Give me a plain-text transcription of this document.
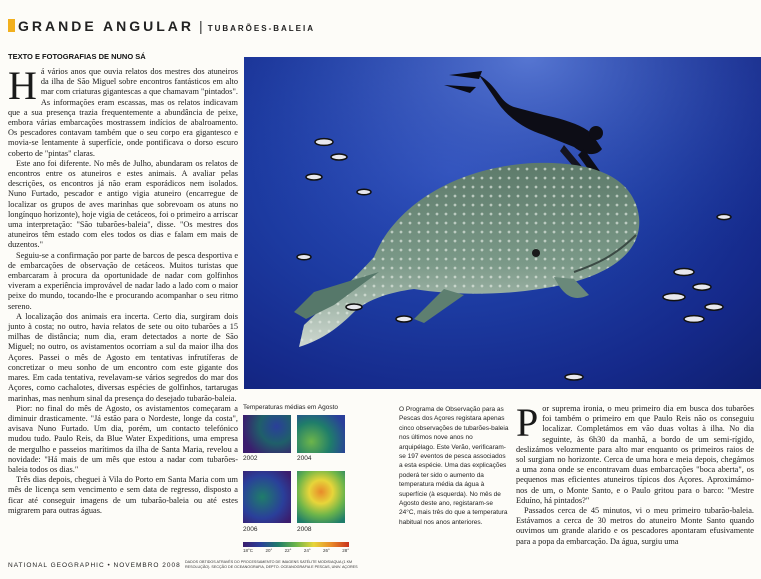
GRANDE ANGULAR | TUBARÕES-BALEIA
TEXTO E FOTOGRAFIAS DE NUNO SÁ

Há vários anos que ouvia relatos dos mestres dos atuneiros da ilha de São Miguel sobre encontros fantásticos em alto mar com criaturas gigantescas a que chamavam "pintados". As informações eram escassas, mas os relatos indicavam que a sua presença trazia frequentemente a abundância de peixe, embora várias embarcações mostrassem indícios de abalroamento. Os pescadores contavam também que o seu corpo era gigantesco e movia-se lentamente à superfície, onde pontificava o dorso escuro coberto de "pintas" claras.

Este ano foi diferente. No mês de Julho, abundaram os relatos de encontros entre os atuneiros e estes animais. A avaliar pelas descrições, os encontros já não eram esporádicos nem isolados. Nuno Furtado, pescador e antigo vigia atuneiro (encarregue de localizar os grupos de aves marinhas que sobrevoam os atuns no longínquo horizonte), hoje vigia de cetáceos, foi o primeiro a arriscar uma interpretação: "São tubarões-baleia", disse. "Os mestres dos atuneiros têm estado com eles todos os dias e falam em mais de duzentos."

Seguiu-se a confirmação por parte de barcos de pesca desportiva e de embarcações de observação de cetáceos. Muitos turistas que embarcaram à procura da oportunidade de nadar com golfinhos viveram a experiência improvável de nadar lado a lado com o maior peixe do mundo, tocando-lhe e procurando acompanhar o seu ritmo sereno.

A localização dos animais era incerta. Certo dia, surgiram dois junto à costa; no outro, havia relatos de sete ou oito tubarões a 15 milhas de distância; num dia, eram detectados a norte de São Miguel; no outro, os avistamentos ocorriam a sul da maior ilha dos Açores. Passei o mês de Agosto em tentativas infrutíferas de concretizar o meu sonho de um encontro com este gigante dos mares. Em cada tentativa, revelavam-se vários segredos do mar dos Açores, como cachalotes, diversas espécies de golfinhos, tartarugas marinhas, mas nenhum sinal da presença do desejado tubarão-baleia.

Pior: no final do mês de Agosto, os avistamentos começaram a diminuir drasticamente. "Já estão para o Nordeste, longe da costa", avisava Nuno Furtado. Um dia, porém, um contacto telefónico mudou tudo. Paulo Reis, da Blue Water Expeditions, uma empresa de mergulho e passeios marítimos da ilha de Santa Maria, revelou a novidade: "Há mais de um mês que estou a nadar com tubarões-baleia todos os dias."

Três dias depois, cheguei à Vila do Porto em Santa Maria com um mês de licença sem vencimento e sem data de regresso, disposto a ficar até conseguir imagens de um tubarão-baleia ou até estes migrarem para outras águas.

Temperaturas médias em Agosto
2002	2004
2006	2008
18°C	20°	22°	24°	26°	28°
O Programa de Observação para as Pescas dos Açores registara apenas cinco observações de tubarões-baleia nos últimos nove anos no arquipélago. Este Verão, verificaram-se 197 eventos de pesca associados a esta espécie. Uma das explicações poderá ter sido o aumento da temperatura média da água à superfície (à esquerda). No mês de Agosto deste ano, registaram-se 24°C, mais três do que a temperatura habitual nos anos anteriores.

Por suprema ironia, o meu primeiro dia em busca dos tubarões foi também o primeiro em que Paulo Reis não os conseguiu localizar. Completámos em vão duas voltas à ilha. No dia seguinte, às 6h30 da manhã, a bordo de um semi-rígido, deslizámos velozmente para alto mar enquanto os primeiros raios de sol surgiam no horizonte. Cerca de uma hora e meia depois, chegámos a uma zona onde se encontravam duas embarcações "boca aberta", os pequenos mas eficientes atuneiros típicos dos Açores. Aproximámo-nos de um, o Monte Santo, e o Paulo gritou para o barco: "Mestre Eduíno, há pintados?"

Passados cerca de 45 minutos, vi o meu primeiro tubarão-baleia. Estávamos a cerca de 30 metros do atuneiro Monte Santo quando ouvimos um grande alarido e os pescadores apontaram efusivamente para a popa da embarcação. Da água, surgiu uma

NATIONAL GEOGRAPHIC • NOVEMBRO 2008 DADOS OBTIDOS ATRAVÉS DO PROCESSAMENTO DE IMAGENS SATÉLITE MODIS/AQUA (1 KM RESOLUÇÃO). SECÇÃO DE OCEANOGRAFIA, DEPTO. OCEANOGRAFIA E PESCAS, UNIV. AÇORES
